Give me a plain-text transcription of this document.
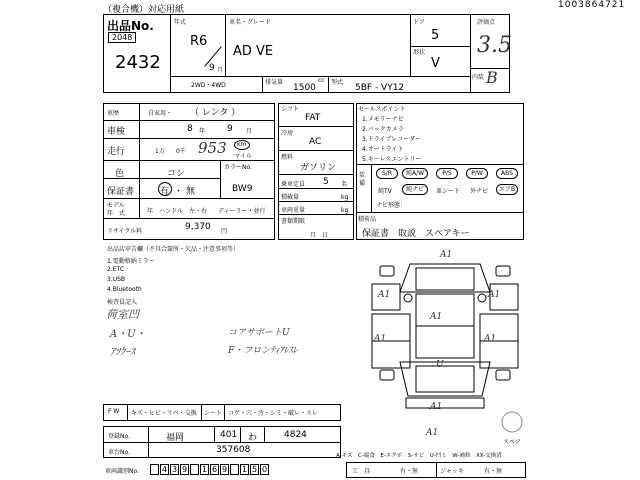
（複合機）対応用紙	1003864721
出品No.
2048
2432
年式
R6
9 月
車名・グレード
AD VE
ドア
5
形状
V
評価点
3.5
内装 B
2WD・4WD	排気量	cc
1500
型式
5BF - VY12
車歴	自家用・ （ レンタ ）
車検	8 年 9 月
走行	1万 0千 953 km
マイル
色	コン
カラーNo.
保証書	有 ・ 無	BW9
モデル
年　式	年　ハンドル　左・右 ディーラー・並行
リサイクル料	9,370 円
シフト
FAT
冷房
AC
燃料
ガソリン
乗車定員 5 名
積載量	kg
車両重量	kg
書類期限
月　日
セールスポイント
1.メモリーナビ
2.バックカメラ
3.ドライブレコーダー
4.オートライト
5.キーレスエントリー
装備
S/R	純A/W	P/S	P/W	ABS
純TV	純ナビ	革シート 外ナビ	エアB
ナビ形態：
積荷品
保証書　取説　スペアキー
出品店申告欄（不具合箇所・欠品・注意事項等）
1.電動格納ミラー
2.ETC
3.USB
4.Bluetooth
検査員記入
荷室凹
A・U・
ｱﾂｸｰｽ
コアサポートU
F・フロンﾃｨｱﾚｽﾚ
A1
A1	A1
A1
A1	A1
U
A1
A1
スペア
F W キズ・ヒビ・リペ・交換 シート コゲ・穴・汚・シミ・破レ・スレ
登録No.	福岡	401 わ	4824
車台No.	357608
A-キズ　C-腐食　E-エクボ　S-サビ　U-凹ミ　W-補修　XX-交換済
車両識別No.	4 3 9 1 6 9 1 5 0	工　具	有・無	ジャッキ	有・無
